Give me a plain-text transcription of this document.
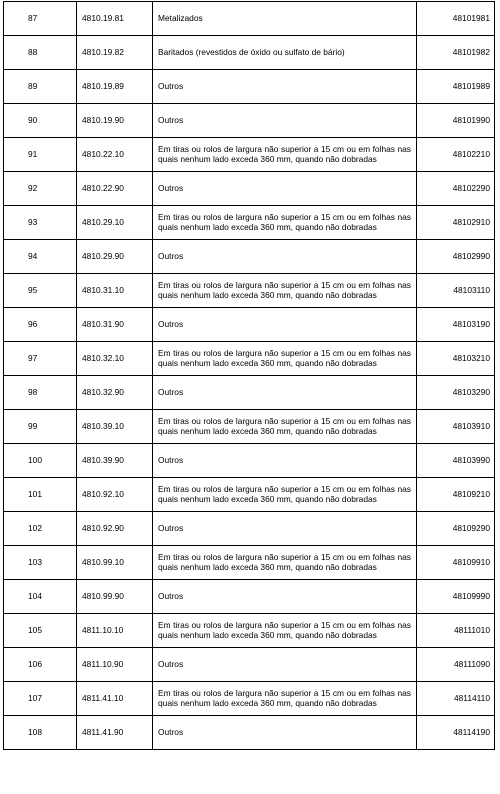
87	4810.19.81	Metalizados	48101981
88	4810.19.82	Baritados (revestidos de óxido ou sulfato de bário)	48101982
89	4810.19.89	Outros	48101989
90	4810.19.90	Outros	48101990
91	4810.22.10	Em tiras ou rolos de largura não superior a 15 cm ou em folhas nas quais nenhum lado exceda 360 mm, quando não dobradas	48102210
92	4810.22.90	Outros	48102290
93	4810.29.10	Em tiras ou rolos de largura não superior a 15 cm ou em folhas nas quais nenhum lado exceda 360 mm, quando não dobradas	48102910
94	4810.29.90	Outros	48102990
95	4810.31.10	Em tiras ou rolos de largura não superior a 15 cm ou em folhas nas quais nenhum lado exceda 360 mm, quando não dobradas	48103110
96	4810.31.90	Outros	48103190
97	4810.32.10	Em tiras ou rolos de largura não superior a 15 cm ou em folhas nas quais nenhum lado exceda 360 mm, quando não dobradas	48103210
98	4810.32.90	Outros	48103290
99	4810.39.10	Em tiras ou rolos de largura não superior a 15 cm ou em folhas nas quais nenhum lado exceda 360 mm, quando não dobradas	48103910
100	4810.39.90	Outros	48103990
101	4810.92.10	Em tiras ou rolos de largura não superior a 15 cm ou em folhas nas quais nenhum lado exceda 360 mm, quando não dobradas	48109210
102	4810.92.90	Outros	48109290
103	4810.99.10	Em tiras ou rolos de largura não superior a 15 cm ou em folhas nas quais nenhum lado exceda 360 mm, quando não dobradas	48109910
104	4810.99.90	Outros	48109990
105	4811.10.10	Em tiras ou rolos de largura não superior a 15 cm ou em folhas nas quais nenhum lado exceda 360 mm, quando não dobradas	48111010
106	4811.10.90	Outros	48111090
107	4811.41.10	Em tiras ou rolos de largura não superior a 15 cm ou em folhas nas quais nenhum lado exceda 360 mm, quando não dobradas	48114110
108	4811.41.90	Outros	48114190
